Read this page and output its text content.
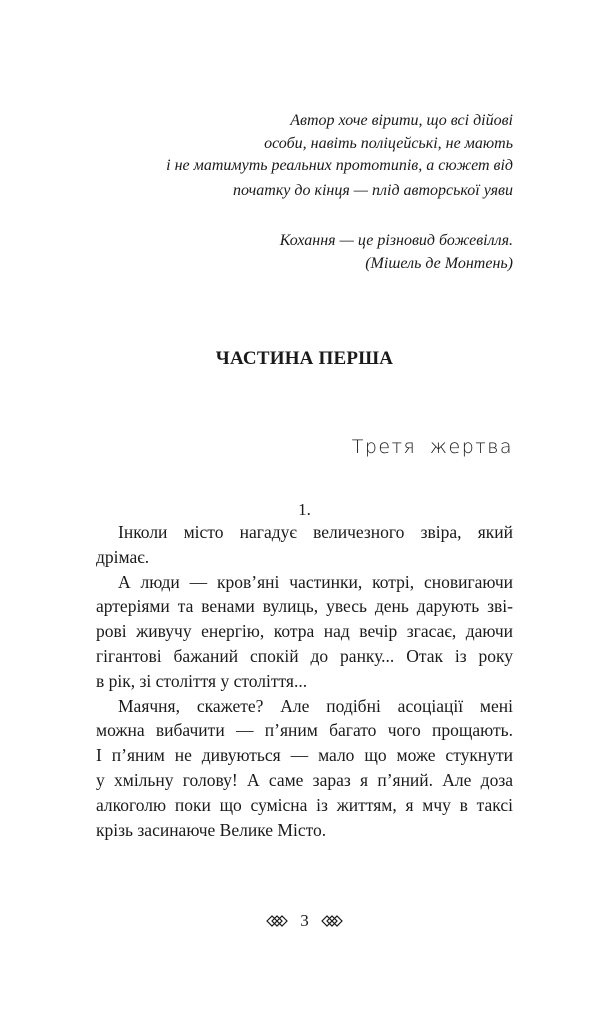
Автор хоче вірити, що всі дійові
особи, навіть поліцейські, не мають
і не матимуть реальних прототипів, а сюжет від
початку до кінця — плід авторської уяви
Кохання — це різновид божевілля.
(Мішель де Монтень)
ЧАСТИНА ПЕРША
Третя жертва
1.
Інколи місто нагадує величезного звіра, який
дрімає.
А люди — кров’яні частинки, котрі, сновигаючи
артеріями та венами вулиць, увесь день дарують зві-
рові живучу енергію, котра над вечір згасає, даючи
гігантові бажаний спокій до ранку... Отак із року
в рік, зі століття у століття...
Маячня, скажете? Але подібні асоціації мені
можна вибачити — п’яним багато чого прощають.
І п’яним не дивуються — мало що може стукнути
у хмільну голову! А саме зараз я п’яний. Але доза
алкоголю поки що сумісна із життям, я мчу в таксі
крізь засинаюче Велике Місто.
3
